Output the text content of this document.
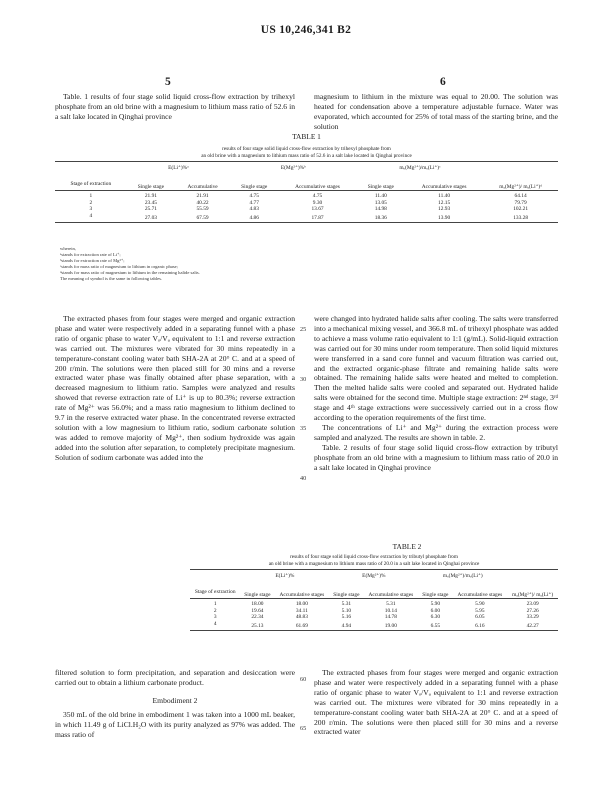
US 10,246,341 B2
5	6

Table. 1 results of four stage solid liquid cross-flow extraction by trihexyl phosphate from an old brine with a magnesium to lithium mass ratio of 52.6 in a salt lake located in Qinghai province

magnesium to lithium in the mixture was equal to 20.00. The solution was heated for condensation above a temperature adjustable furnace. Water was evaporated, which accounted for 25% of total mass of the starting brine, and the solution

TABLE 1
results of four stage solid liquid cross-flow extraction by trihexyl phosphate from
an old brine with a magnesium to lithium mass ratio of 52.6 in a salt lake located in Qinghai province
	E(Li⁺)%ᵃ		E(Mg²⁺)%ᵇ		mₒ(Mg²⁺)/mₒ(Li⁺)ᶜ		
Stage of extraction	Single stage	Accumulative	Single stage	Accumulative stages	Single stage	Accumulative stages	mₐ(Mg²⁺)/ mₐ(Li⁺)ᵈ
1	21.91	21.91	4.75	4.75	11.40	11.40	64.14
2	23.45	40.22	4.77	9.30	13.05	12.15	79.79
3	25.71	55.59	4.83	13.67	14.98	12.93	102.21
4	27.03	67.59	4.86	17.87	18.36	13.90	133.28
wherein,
ᵃstands for extraction rate of Li⁺;
ᵇstands for extraction rate of Mg²⁺;
ᶜstands for mass ratio of magnesium to lithium in organic phase;
ᵈstands for mass ratio of magnesium to lithium in the remaining halide salts.
The meaning of symbol is the same in following tables.

The extracted phases from four stages were merged and organic extraction phase and water were respectively added in a separating funnel with a phase ratio of organic phase to water Vₒ/Vₐ equivalent to 1:1 and reverse extraction was carried out. The mixtures were vibrated for 30 mins repeatedly in a temperature-constant cooling water bath SHA-2A at 20° C. and at a speed of 200 r/min. The solutions were then placed still for 30 mins and a reverse extracted water phase was finally obtained after phase separation, with a decreased magnesium to lithium ratio. Samples were analyzed and results showed that reverse extraction rate of Li⁺ is up to 80.3%; reverse extraction rate of Mg²⁺ was 56.0%; and a mass ratio magnesium to lithium declined to 9.7 in the reserve extracted water phase. In the concentrated reverse extracted solution with a low magnesium to lithium ratio, sodium carbonate solution was added to remove majority of Mg²⁺, then sodium hydroxide was again added into the solution after separation, to completely precipitate magnesium. Solution of sodium carbonate was added into the

were changed into hydrated halide salts after cooling. The salts were transferred into a mechanical mixing vessel, and 366.8 mL of trihexyl phosphate was added to achieve a mass volume ratio equivalent to 1:1 (g/mL). Solid-liquid extraction was carried out for 30 mins under room temperature. Then solid liquid mixtures were transferred in a sand core funnel and vacuum filtration was carried out, and the extracted organic-phase filtrate and remaining halide salts were obtained. The remaining halide salts were heated and melted to completion. Then the melted halide salts were cooled and separated out. Hydrated halide salts were obtained for the second time. Multiple stage extraction: 2ⁿᵈ stage, 3ʳᵈ stage and 4ᵗʰ stage extractions were successively carried out in a cross flow according to the operation requirements of the first time.

The concentrations of Li⁺ and Mg²⁺ during the extraction process were sampled and analyzed. The results are shown in table. 2.

Table. 2 results of four stage solid liquid cross-flow extraction by tributyl phosphate from an old brine with a magnesium to lithium mass ratio of 20.0 in a salt lake located in Qinghai province

25
30
35
40
60
65
TABLE 2
results of four stage solid liquid cross-flow extraction by tributyl phosphate from
an old brine with a magnesium to lithium mass ratio of 20.0 in a salt lake located in Qinghai province
	E(Li⁺)%		E(Mg²⁺)%		mₒ(Mg²⁺)/mₒ(Li⁺)		
Stage of extraction	Single stage	Accumulative stages	Single stage	Accumulative stages	Single stage	Accumulative stages	mₐ(Mg²⁺)/ mₐ(Li⁺)
1	18.00	18.00	5.31	5.31	5.90	5.90	23.09
2	19.64	34.11	5.10	10.14	6.00	5.95	27.26
3	22.34	48.83	5.16	14.78	6.30	6.05	33.29
4	25.13	61.69	4.94	19.00	6.55	6.16	42.27

filtered solution to form precipitation, and separation and desiccation were carried out to obtain a lithium carbonate product.

Embodiment 2

350 mL of the old brine in embodiment 1 was taken into a 1000 mL beaker, in which 11.49 g of LiCl.H₂O with its purity analyzed as 97% was added. The mass ratio of

The extracted phases from four stages were merged and organic extraction phase and water were respectively added in a separating funnel with a phase ratio of organic phase to water Vₒ/Vₐ equivalent to 1:1 and reverse extraction was carried out. The mixtures were vibrated for 30 mins repeatedly in a temperature-constant cooling water bath SHA-2A at 20° C. and at a speed of 200 r/min. The solutions were then placed still for 30 mins and a reverse extracted water
